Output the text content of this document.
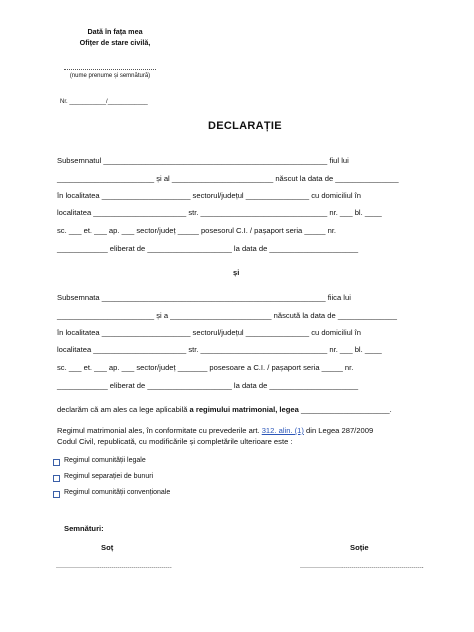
Dată în fața mea
Ofițer de stare civilă,
(nume prenume și semnătură)
Nr. ___________/____________
DECLARAȚIE
Subsemnatul _____________________________________________________ fiul lui
_______________________ și al ________________________ născut la data de _______________
în localitatea _____________________ sectorul/județul _______________ cu domiciliul în
localitatea ______________________ str. ______________________________ nr. ___ bl. ____
sc. ___ et. ___ ap. ___ sector/județ _____ posesorul C.I. / pașaport seria _____ nr.
____________ eliberat de ____________________ la data de _____________________
și
Subsemnata _____________________________________________________ fiica lui
_______________________ și a ________________________ născută la data de ______________
în localitatea _____________________ sectorul/județul _______________ cu domiciliul în
localitatea ______________________ str. ______________________________ nr. ___ bl. ____
sc. ___ et. ___ ap. ___ sector/județ _______ posesoare a C.I. / pașaport seria _____ nr.
____________ eliberat de ____________________ la data de _____________________
declarăm că am ales ca lege aplicabilă a regimului matrimonial, legea _____________________.
Regimul matrimonial ales, în conformitate cu prevederile art. 312. alin. (1) din Legea 287/2009
Codul Civil, republicată, cu modificările și completările ulterioare este :
Regimul comunității legale
Regimul separației de bunuri
Regimul comunității convenționale
Semnături:
Soț	Soție
..........................................................	..............................................................
